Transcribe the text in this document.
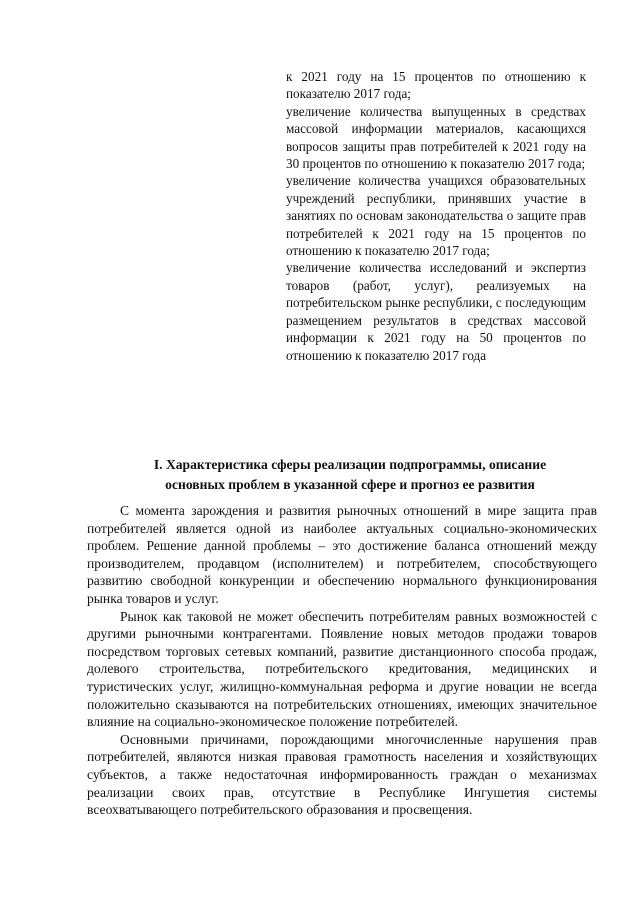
к 2021 году на 15 процентов по отношению к показателю 2017 года;

увеличение количества выпущенных в средствах массовой информации материалов, касающихся вопросов защиты прав потребителей к 2021 году на 30 процентов по отношению к показателю 2017 года;

увеличение количества учащихся образовательных учреждений республики, принявших участие в занятиях по основам законодательства о защите прав потребителей к 2021 году на 15 процентов по отношению к показателю 2017 года;

увеличение количества исследований и экспертиз товаров (работ, услуг), реализуемых на потребительском рынке республики, с последующим размещением результатов в средствах массовой информации к 2021 году на 50 процентов по отношению к показателю 2017 года

I. Характеристика сферы реализации подпрограммы, описание
основных проблем в указанной сфере и прогноз ее развития

С момента зарождения и развития рыночных отношений в мире защита прав потребителей является одной из наиболее актуальных социально-экономических проблем. Решение данной проблемы – это достижение баланса отношений между производителем, продавцом (исполнителем) и потребителем, способствующего развитию свободной конкуренции и обеспечению нормального функционирования рынка товаров и услуг.

Рынок как таковой не может обеспечить потребителям равных возможностей с другими рыночными контрагентами. Появление новых методов продажи товаров посредством торговых сетевых компаний, развитие дистанционного способа продаж, долевого строительства, потребительского кредитования, медицинских и туристических услуг, жилищно-коммунальная реформа и другие новации не всегда положительно сказываются на потребительских отношениях, имеющих значительное влияние на социально-экономическое положение потребителей.

Основными причинами, порождающими многочисленные нарушения прав потребителей, являются низкая правовая грамотность населения и хозяйствующих субъектов, а также недостаточная информированность граждан о механизмах реализации своих прав, отсутствие в Республике Ингушетия системы всеохватывающего потребительского образования и просвещения.
